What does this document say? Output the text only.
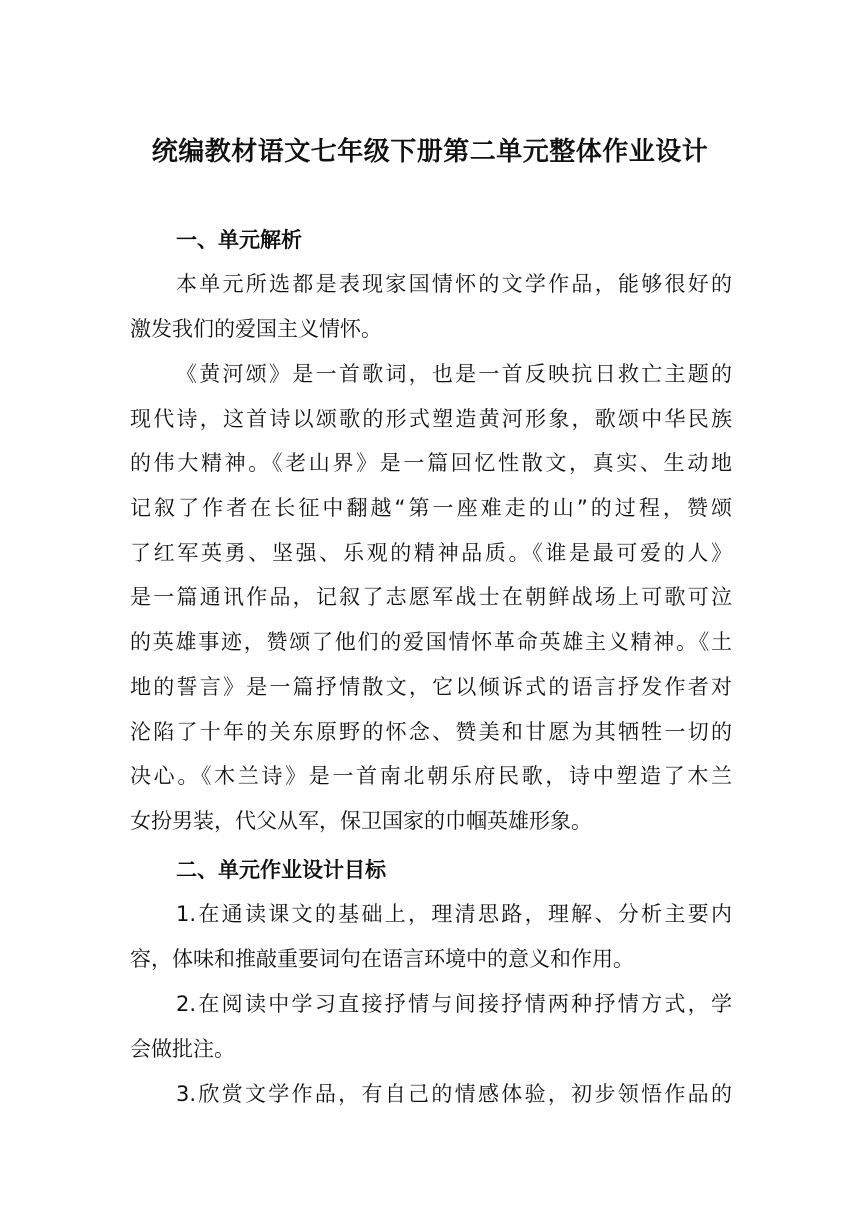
统编教材语文七年级下册第二单元整体作业设计
一、单元解析
本单元所选都是表现家国情怀的文学作品，能够很好的
激发我们的爱国主义情怀。
《黄河颂》是一首歌词，也是一首反映抗日救亡主题的
现代诗，这首诗以颂歌的形式塑造黄河形象，歌颂中华民族
的伟大精神。《老山界》是一篇回忆性散文，真实、生动地
记叙了作者在长征中翻越“第一座难走的山”的过程，赞颂
了红军英勇、坚强、乐观的精神品质。《谁是最可爱的人》
是一篇通讯作品，记叙了志愿军战士在朝鲜战场上可歌可泣
的英雄事迹，赞颂了他们的爱国情怀革命英雄主义精神。《土
地的誓言》是一篇抒情散文，它以倾诉式的语言抒发作者对
沦陷了十年的关东原野的怀念、赞美和甘愿为其牺牲一切的
决心。《木兰诗》是一首南北朝乐府民歌，诗中塑造了木兰
女扮男装，代父从军，保卫国家的巾帼英雄形象。
二、单元作业设计目标
1.在通读课文的基础上，理清思路，理解、分析主要内
容，体味和推敲重要词句在语言环境中的意义和作用。
2.在阅读中学习直接抒情与间接抒情两种抒情方式，学
会做批注。
3.欣赏文学作品，有自己的情感体验，初步领悟作品的
